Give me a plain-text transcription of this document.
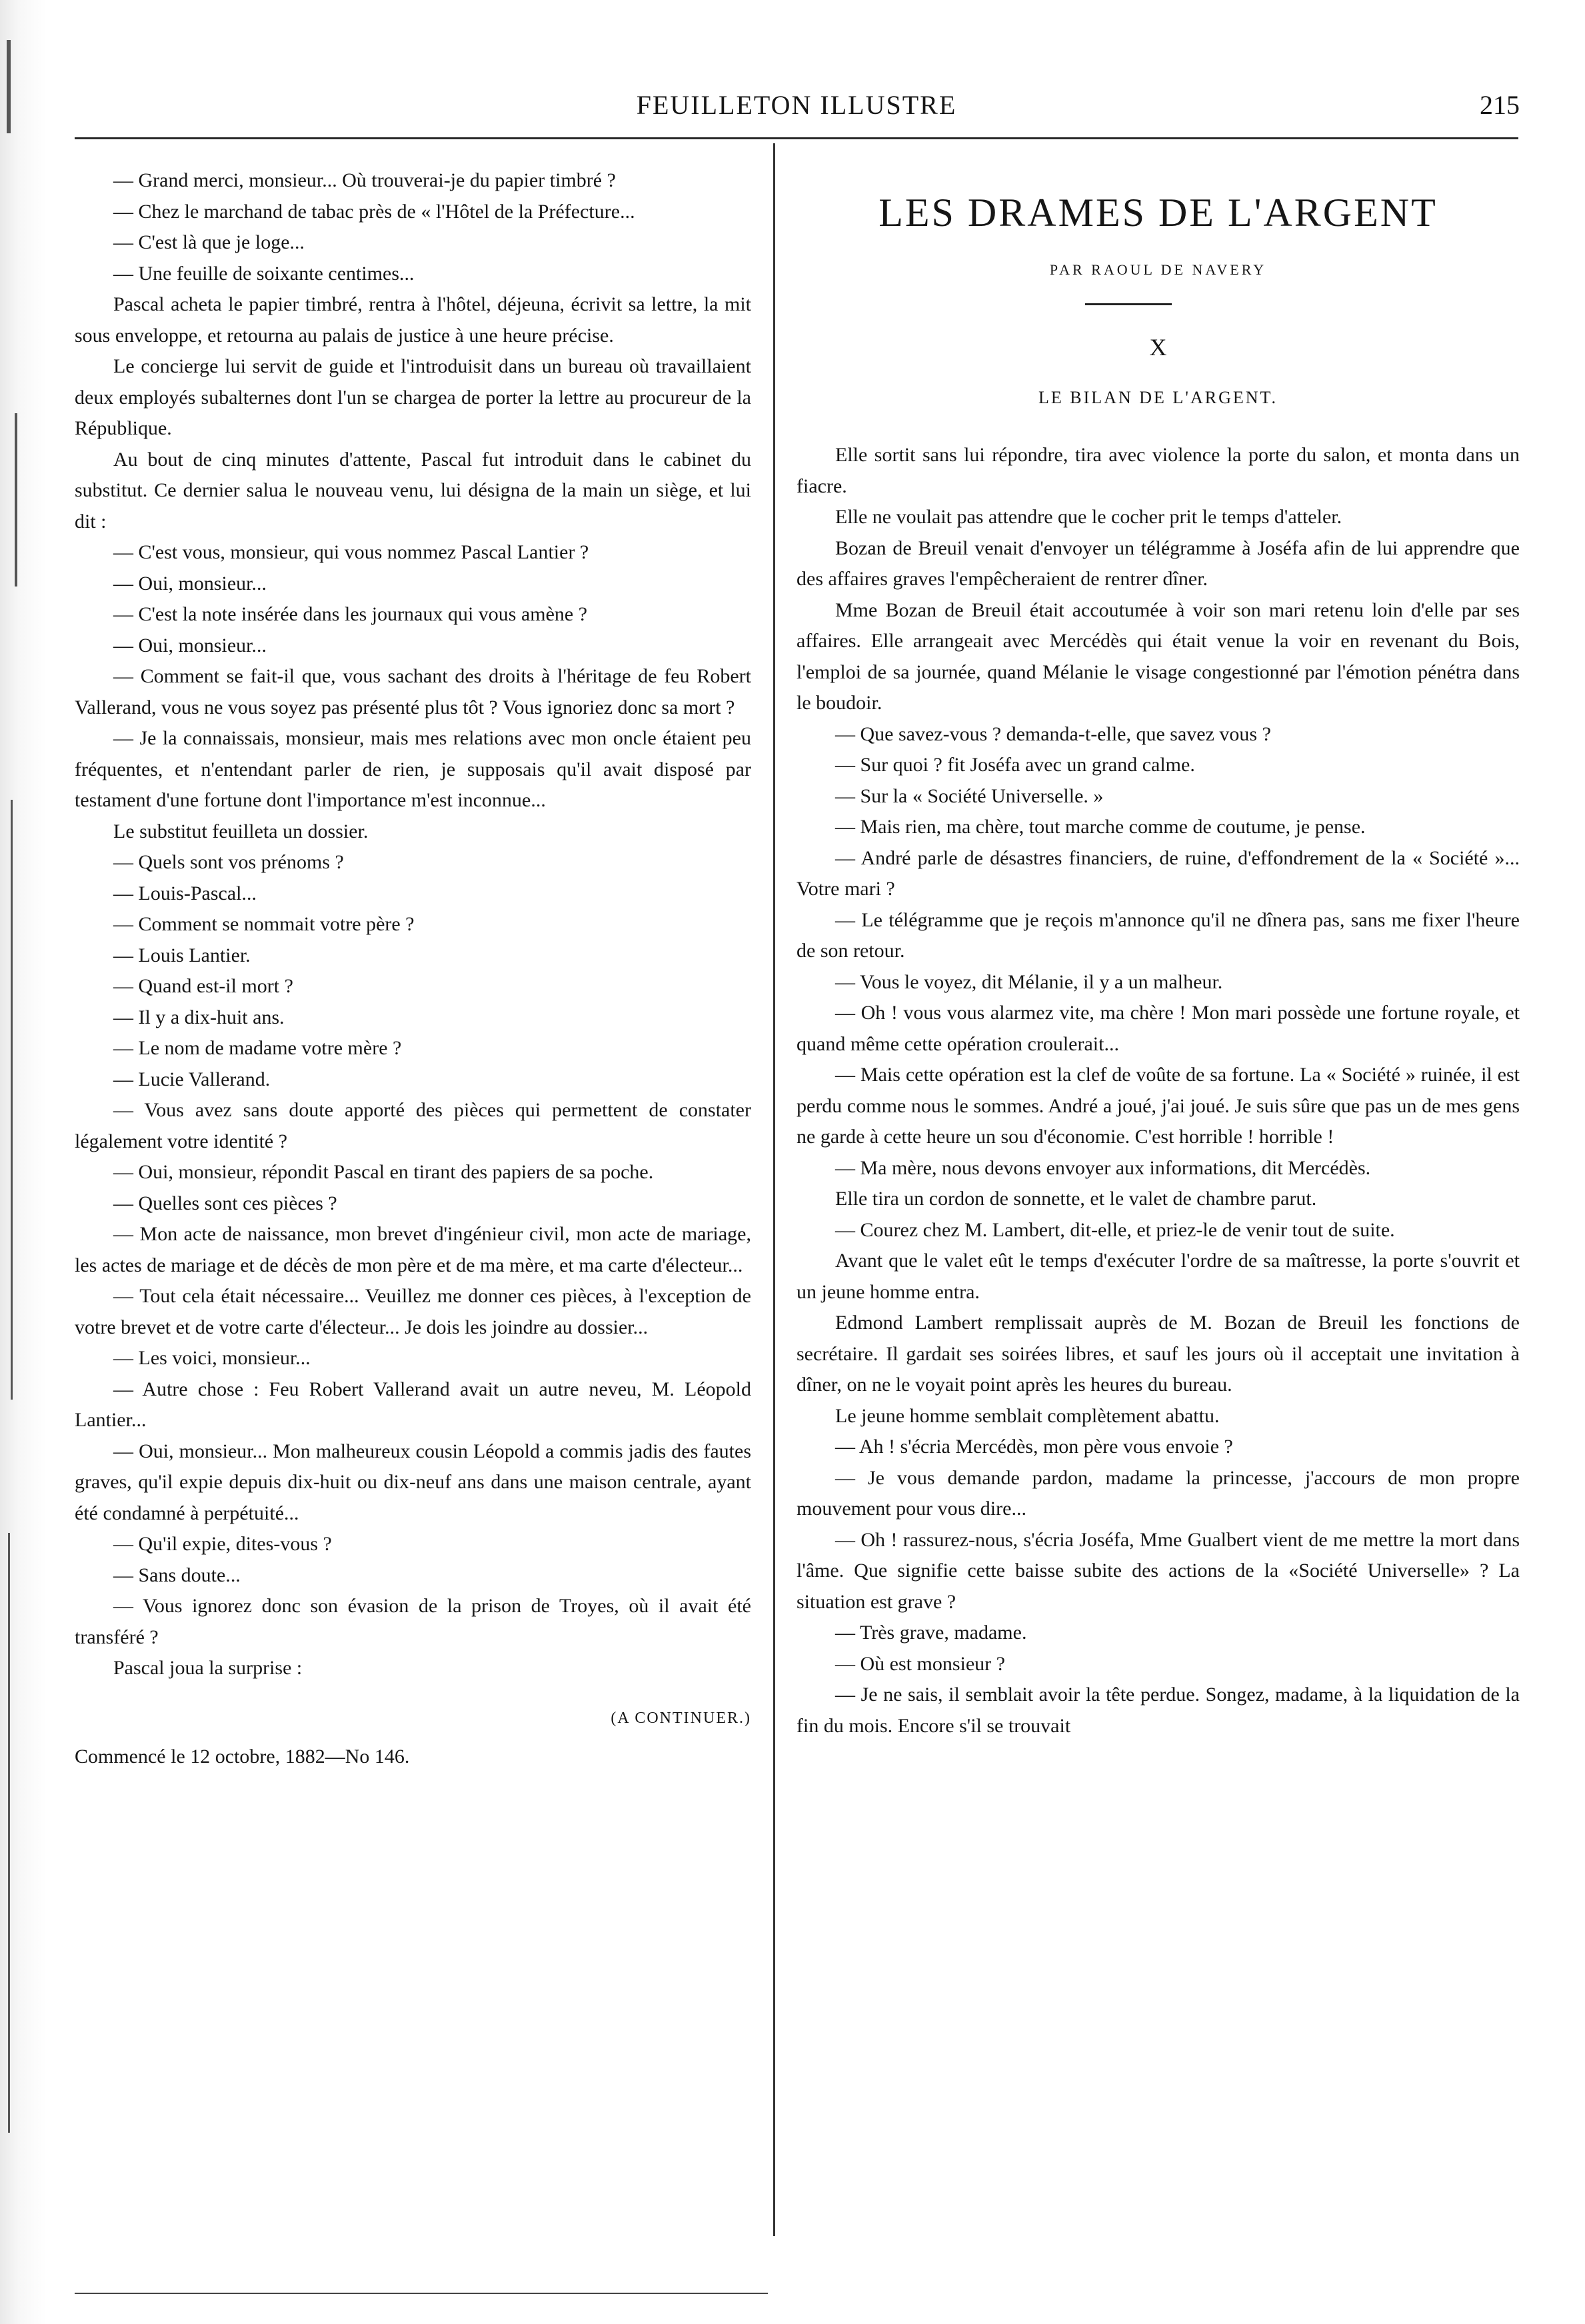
FEUILLETON ILLUSTRE	215

— Grand merci, monsieur... Où trouverai-je du papier timbré ?

— Chez le marchand de tabac près de « l'Hôtel de la Préfecture...

— C'est là que je loge...

— Une feuille de soixante centimes...

Pascal acheta le papier timbré, rentra à l'hôtel, déjeuna, écrivit sa lettre, la mit sous enveloppe, et retourna au palais de justice à une heure précise.

Le concierge lui servit de guide et l'introduisit dans un bureau où travaillaient deux employés subalternes dont l'un se chargea de porter la lettre au procureur de la République.

Au bout de cinq minutes d'attente, Pascal fut introduit dans le cabinet du substitut. Ce dernier salua le nouveau venu, lui désigna de la main un siège, et lui dit :

— C'est vous, monsieur, qui vous nommez Pascal Lantier ?

— Oui, monsieur...

— C'est la note insérée dans les journaux qui vous amène ?

— Oui, monsieur...

— Comment se fait-il que, vous sachant des droits à l'héritage de feu Robert Vallerand, vous ne vous soyez pas présenté plus tôt ? Vous ignoriez donc sa mort ?

— Je la connaissais, monsieur, mais mes relations avec mon oncle étaient peu fréquentes, et n'entendant parler de rien, je supposais qu'il avait disposé par testament d'une fortune dont l'importance m'est inconnue...

Le substitut feuilleta un dossier.

— Quels sont vos prénoms ?

— Louis-Pascal...

— Comment se nommait votre père ?

— Louis Lantier.

— Quand est-il mort ?

— Il y a dix-huit ans.

— Le nom de madame votre mère ?

— Lucie Vallerand.

— Vous avez sans doute apporté des pièces qui permettent de constater légalement votre identité ?

— Oui, monsieur, répondit Pascal en tirant des papiers de sa poche.

— Quelles sont ces pièces ?

— Mon acte de naissance, mon brevet d'ingénieur civil, mon acte de mariage, les actes de mariage et de décès de mon père et de ma mère, et ma carte d'électeur...

— Tout cela était nécessaire... Veuillez me donner ces pièces, à l'exception de votre brevet et de votre carte d'électeur... Je dois les joindre au dossier...

— Les voici, monsieur...

— Autre chose : Feu Robert Vallerand avait un autre neveu, M. Léopold Lantier...

— Oui, monsieur... Mon malheureux cousin Léopold a commis jadis des fautes graves, qu'il expie depuis dix-huit ou dix-neuf ans dans une maison centrale, ayant été condamné à perpétuité...

— Qu'il expie, dites-vous ?

— Sans doute...

— Vous ignorez donc son évasion de la prison de Troyes, où il avait été transféré ?

Pascal joua la surprise :

(A CONTINUER.)

Commencé le 12 octobre, 1882—No 146.

LES DRAMES DE L'ARGENT
PAR RAOUL DE NAVERY
X
LE BILAN DE L'ARGENT.

Elle sortit sans lui répondre, tira avec violence la porte du salon, et monta dans un fiacre.

Elle ne voulait pas attendre que le cocher prit le temps d'atteler.

Bozan de Breuil venait d'envoyer un télégramme à Joséfa afin de lui apprendre que des affaires graves l'empêcheraient de rentrer dîner.

Mme Bozan de Breuil était accoutumée à voir son mari retenu loin d'elle par ses affaires. Elle arrangeait avec Mercédès qui était venue la voir en revenant du Bois, l'emploi de sa journée, quand Mélanie le visage congestionné par l'émotion pénétra dans le boudoir.

— Que savez-vous ? demanda-t-elle, que savez vous ?

— Sur quoi ? fit Joséfa avec un grand calme.

— Sur la « Société Universelle. »

— Mais rien, ma chère, tout marche comme de coutume, je pense.

— André parle de désastres financiers, de ruine, d'effondrement de la « Société »... Votre mari ?

— Le télégramme que je reçois m'annonce qu'il ne dînera pas, sans me fixer l'heure de son retour.

— Vous le voyez, dit Mélanie, il y a un malheur.

— Oh ! vous vous alarmez vite, ma chère ! Mon mari possède une fortune royale, et quand même cette opération croulerait...

— Mais cette opération est la clef de voûte de sa fortune. La « Société » ruinée, il est perdu comme nous le sommes. André a joué, j'ai joué. Je suis sûre que pas un de mes gens ne garde à cette heure un sou d'économie. C'est horrible ! horrible !

— Ma mère, nous devons envoyer aux informations, dit Mercédès.

Elle tira un cordon de sonnette, et le valet de chambre parut.

— Courez chez M. Lambert, dit-elle, et priez-le de venir tout de suite.

Avant que le valet eût le temps d'exécuter l'ordre de sa maîtresse, la porte s'ouvrit et un jeune homme entra.

Edmond Lambert remplissait auprès de M. Bozan de Breuil les fonctions de secrétaire. Il gardait ses soirées libres, et sauf les jours où il acceptait une invitation à dîner, on ne le voyait point après les heures du bureau.

Le jeune homme semblait complètement abattu.

— Ah ! s'écria Mercédès, mon père vous envoie ?

— Je vous demande pardon, madame la princesse, j'accours de mon propre mouvement pour vous dire...

— Oh ! rassurez-nous, s'écria Joséfa, Mme Gualbert vient de me mettre la mort dans l'âme. Que signifie cette baisse subite des actions de la «Société Universelle» ? La situation est grave ?

— Très grave, madame.

— Où est monsieur ?

— Je ne sais, il semblait avoir la tête perdue. Songez, madame, à la liquidation de la fin du mois. Encore s'il se trouvait
